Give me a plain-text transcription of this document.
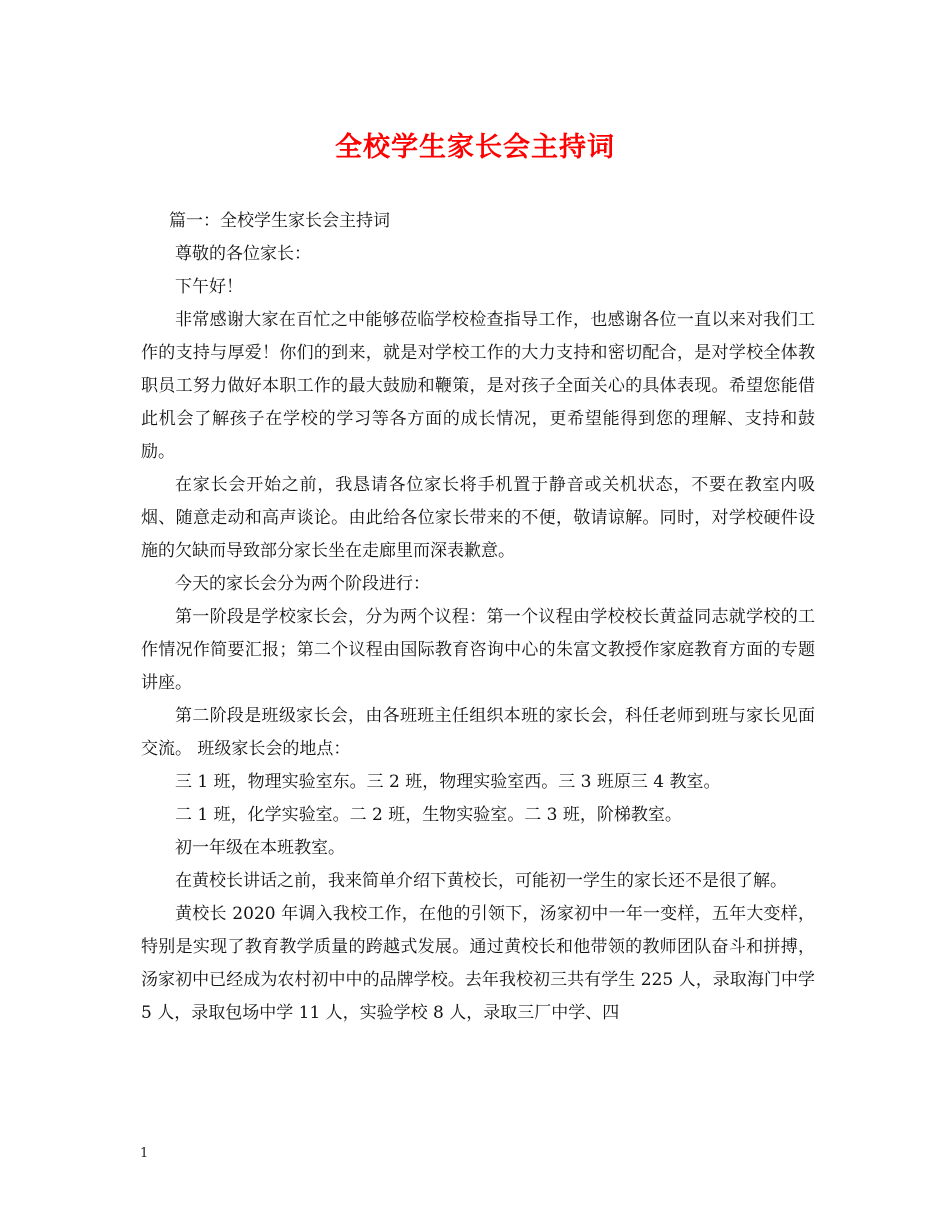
全校学生家长会主持词

篇一：全校学生家长会主持词

尊敬的各位家长：

下午好！

非常感谢大家在百忙之中能够莅临学校检查指导工作，也感谢各位一直以来对我们工作的支持与厚爱！你们的到来，就是对学校工作的大力支持和密切配合，是对学校全体教职员工努力做好本职工作的最大鼓励和鞭策，是对孩子全面关心的具体表现。希望您能借此机会了解孩子在学校的学习等各方面的成长情况，更希望能得到您的理解、支持和鼓励。

在家长会开始之前，我恳请各位家长将手机置于静音或关机状态，不要在教室内吸烟、随意走动和高声谈论。由此给各位家长带来的不便，敬请谅解。同时，对学校硬件设施的欠缺而导致部分家长坐在走廊里而深表歉意。

今天的家长会分为两个阶段进行：

第一阶段是学校家长会，分为两个议程：第一个议程由学校校长黄益同志就学校的工作情况作简要汇报；第二个议程由国际教育咨询中心的朱富文教授作家庭教育方面的专题讲座。

第二阶段是班级家长会，由各班班主任组织本班的家长会，科任老师到班与家长见面交流。 班级家长会的地点：

三 1 班，物理实验室东。三 2 班，物理实验室西。三 3 班原三 4 教室。

二 1 班，化学实验室。二 2 班，生物实验室。二 3 班，阶梯教室。

初一年级在本班教室。

在黄校长讲话之前，我来简单介绍下黄校长，可能初一学生的家长还不是很了解。

黄校长 2020 年调入我校工作，在他的引领下，汤家初中一年一变样，五年大变样，特别是实现了教育教学质量的跨越式发展。通过黄校长和他带领的教师团队奋斗和拼搏，汤家初中已经成为农村初中中的品牌学校。去年我校初三共有学生 225 人，录取海门中学 5 人，录取包场中学 11 人，实验学校 8 人，录取三厂中学、四

1
